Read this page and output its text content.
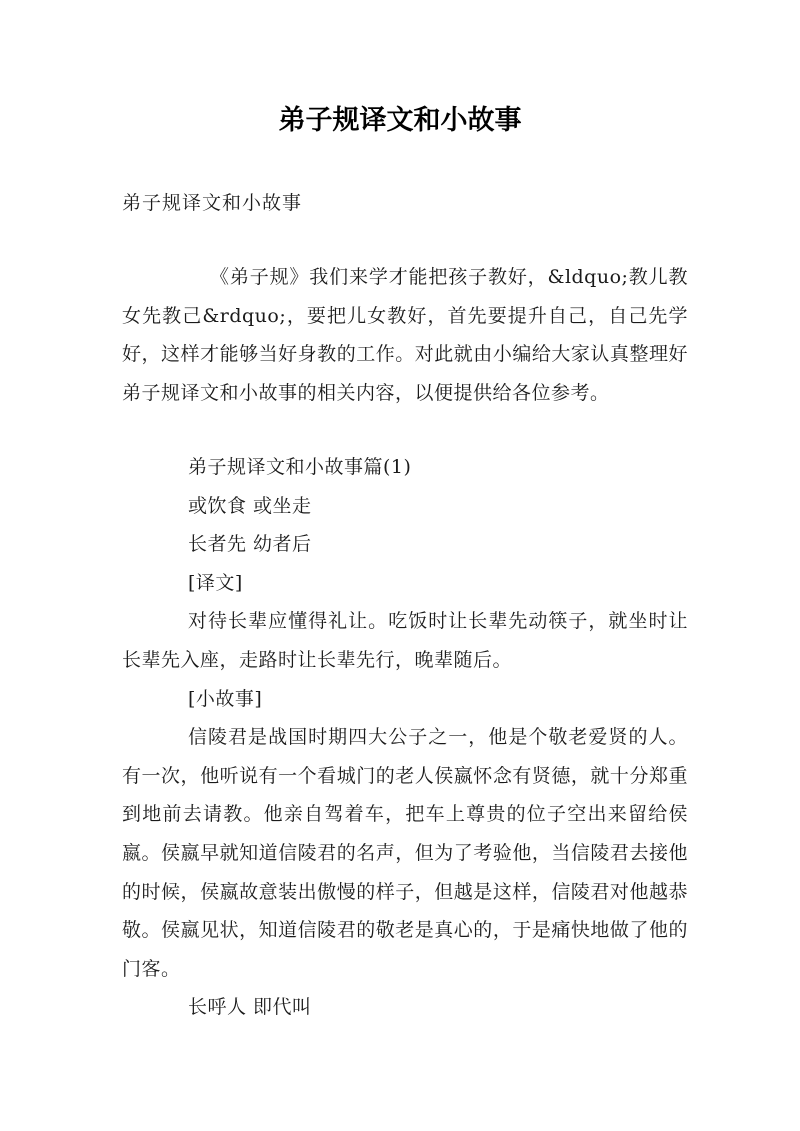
弟子规译文和小故事
弟子规译文和小故事
《弟子规》我们来学才能把孩子教好，&ldquo;教儿教女先教己&rdquo;，要把儿女教好，首先要提升自己，自己先学好，这样才能够当好身教的工作。对此就由小编给大家认真整理好弟子规译文和小故事的相关内容，以便提供给各位参考。

弟子规译文和小故事篇(1)

或饮食 或坐走

长者先 幼者后

[译文]

对待长辈应懂得礼让。吃饭时让长辈先动筷子，就坐时让长辈先入座，走路时让长辈先行，晚辈随后。

[小故事]

信陵君是战国时期四大公子之一，他是个敬老爱贤的人。有一次，他听说有一个看城门的老人侯嬴怀念有贤德，就十分郑重到地前去请教。他亲自驾着车，把车上尊贵的位子空出来留给侯嬴。侯嬴早就知道信陵君的名声，但为了考验他，当信陵君去接他的时候，侯嬴故意装出傲慢的样子，但越是这样，信陵君对他越恭敬。侯嬴见状，知道信陵君的敬老是真心的，于是痛快地做了他的门客。

长呼人 即代叫
